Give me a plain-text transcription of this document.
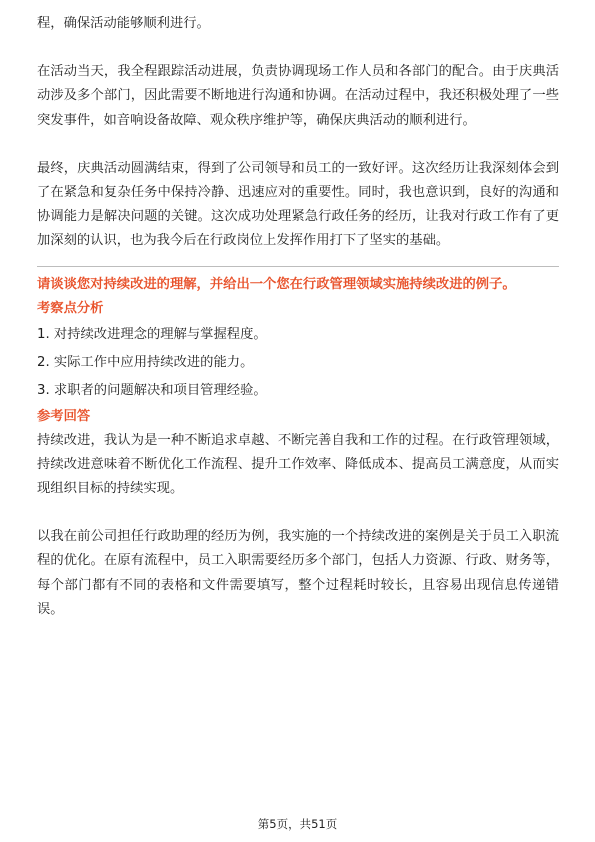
程，确保活动能够顺利进行。

在活动当天，我全程跟踪活动进展，负责协调现场工作人员和各部门的配合。由于庆典活动涉及多个部门，因此需要不断地进行沟通和协调。在活动过程中，我还积极处理了一些突发事件，如音响设备故障、观众秩序维护等，确保庆典活动的顺利进行。

最终，庆典活动圆满结束，得到了公司领导和员工的一致好评。这次经历让我深刻体会到了在紧急和复杂任务中保持冷静、迅速应对的重要性。同时，我也意识到，良好的沟通和协调能力是解决问题的关键。这次成功处理紧急行政任务的经历，让我对行政工作有了更加深刻的认识，也为我今后在行政岗位上发挥作用打下了坚实的基础。

请谈谈您对持续改进的理解，并给出一个您在行政管理领域实施持续改进的例子。

考察点分析

1. 对持续改进理念的理解与掌握程度。
2. 实际工作中应用持续改进的能力。
3. 求职者的问题解决和项目管理经验。

参考回答

持续改进，我认为是一种不断追求卓越、不断完善自我和工作的过程。在行政管理领域，持续改进意味着不断优化工作流程、提升工作效率、降低成本、提高员工满意度，从而实现组织目标的持续实现。

以我在前公司担任行政助理的经历为例，我实施的一个持续改进的案例是关于员工入职流程的优化。在原有流程中，员工入职需要经历多个部门，包括人力资源、行政、财务等，每个部门都有不同的表格和文件需要填写，整个过程耗时较长，且容易出现信息传递错误。

第5页，共51页
